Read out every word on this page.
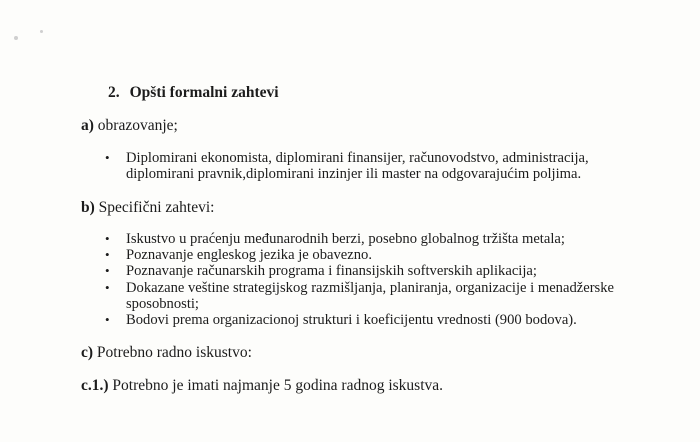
2. Opšti formalni zahtevi
a) obrazovanje;
• Diplomirani ekonomista, diplomirani finansijer, računovodstvo, administracija,
diplomirani pravnik,diplomirani inzinjer ili master na odgovarajućim poljima.
b) Specifični zahtevi:
• Iskustvo u praćenju međunarodnih berzi, posebno globalnog tržišta metala;
• Poznavanje engleskog jezika je obavezno.
• Poznavanje računarskih programa i finansijskih softverskih aplikacija;
• Dokazane veštine strategijskog razmišljanja, planiranja, organizacije i menadžerske
sposobnosti;
• Bodovi prema organizacionoj strukturi i koeficijentu vrednosti (900 bodova).
c) Potrebno radno iskustvo:
c.1.) Potrebno je imati najmanje 5 godina radnog iskustva.
